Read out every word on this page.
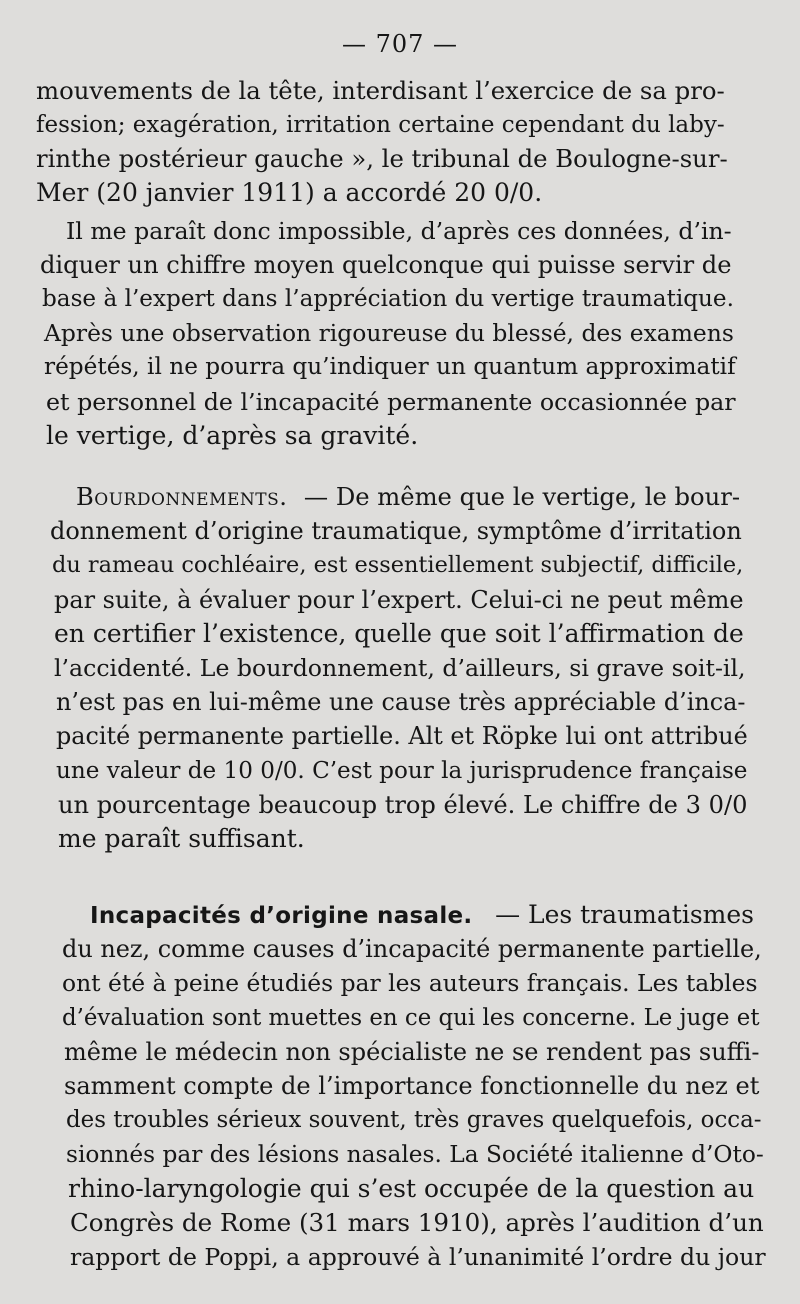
— 707 —
mouvements de la tête, interdisant l’exercice de sa pro-
fession; exagération, irritation certaine cependant du laby-
rinthe postérieur gauche », le tribunal de Boulogne-sur-
Mer (20 janvier 1911) a accordé 20 0/0.
Il me paraît donc impossible, d’après ces données, d’in-
diquer un chiffre moyen quelconque qui puisse servir de
base à l’expert dans l’appréciation du vertige traumatique.
Après une observation rigoureuse du blessé, des examens
répétés, il ne pourra qu’indiquer un quantum approximatif
et personnel de l’incapacité permanente occasionnée par
le vertige, d’après sa gravité.
Bourdonnements. — De même que le vertige, le bour-
donnement d’origine traumatique, symptôme d’irritation
du rameau cochléaire, est essentiellement subjectif, difficile,
par suite, à évaluer pour l’expert. Celui-ci ne peut même
en certifier l’existence, quelle que soit l’affirmation de
l’accidenté. Le bourdonnement, d’ailleurs, si grave soit-il,
n’est pas en lui-même une cause très appréciable d’inca-
pacité permanente partielle. Alt et Röpke lui ont attribué
une valeur de 10 0/0. C’est pour la jurisprudence française
un pourcentage beaucoup trop élevé. Le chiffre de 3 0/0
me paraît suffisant.
Incapacités d’origine nasale. — Les traumatismes
du nez, comme causes d’incapacité permanente partielle,
ont été à peine étudiés par les auteurs français. Les tables
d’évaluation sont muettes en ce qui les concerne. Le juge et
même le médecin non spécialiste ne se rendent pas suffi-
samment compte de l’importance fonctionnelle du nez et
des troubles sérieux souvent, très graves quelquefois, occa-
sionnés par des lésions nasales. La Société italienne d’Oto-
rhino-laryngologie qui s’est occupée de la question au
Congrès de Rome (31 mars 1910), après l’audition d’un
rapport de Poppi, a approuvé à l’unanimité l’ordre du jour
